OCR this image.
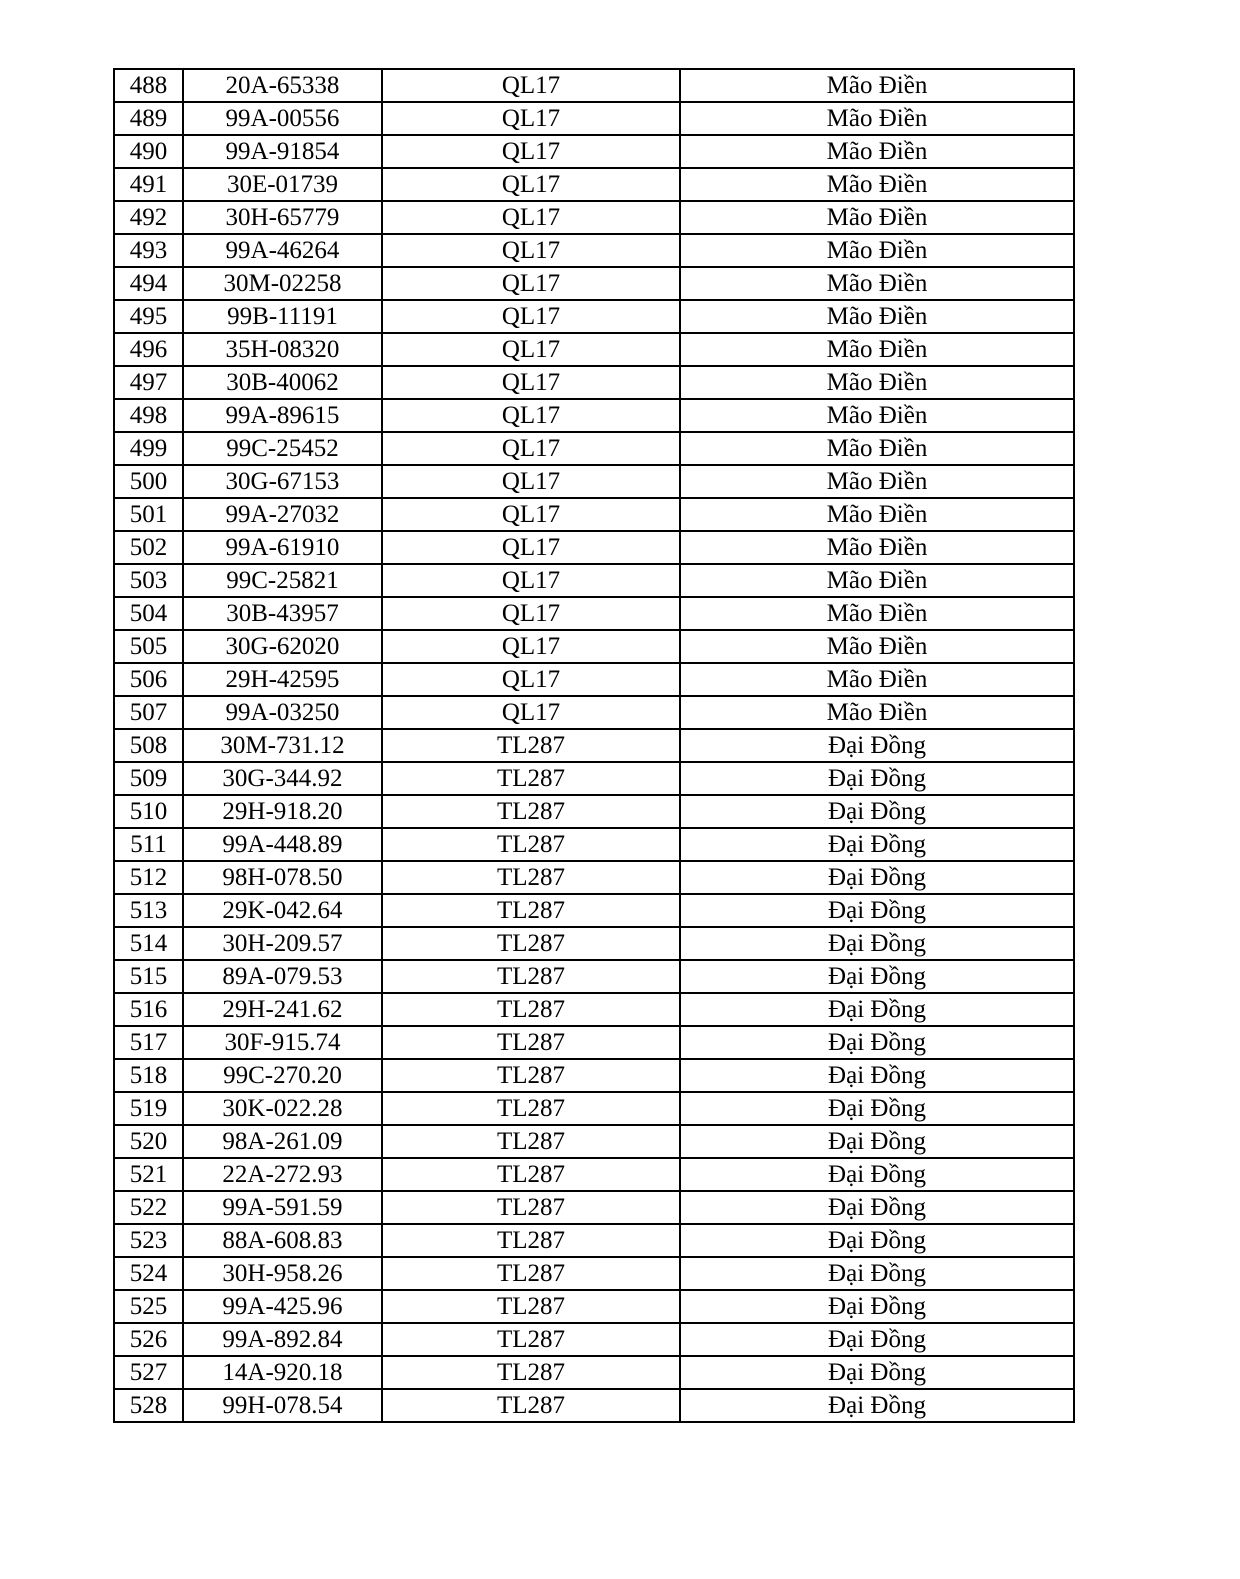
488	20A-65338	QL17	Mão Điền
489	99A-00556	QL17	Mão Điền
490	99A-91854	QL17	Mão Điền
491	30E-01739	QL17	Mão Điền
492	30H-65779	QL17	Mão Điền
493	99A-46264	QL17	Mão Điền
494	30M-02258	QL17	Mão Điền
495	99B-11191	QL17	Mão Điền
496	35H-08320	QL17	Mão Điền
497	30B-40062	QL17	Mão Điền
498	99A-89615	QL17	Mão Điền
499	99C-25452	QL17	Mão Điền
500	30G-67153	QL17	Mão Điền
501	99A-27032	QL17	Mão Điền
502	99A-61910	QL17	Mão Điền
503	99C-25821	QL17	Mão Điền
504	30B-43957	QL17	Mão Điền
505	30G-62020	QL17	Mão Điền
506	29H-42595	QL17	Mão Điền
507	99A-03250	QL17	Mão Điền
508	30M-731.12	TL287	Đại Đồng
509	30G-344.92	TL287	Đại Đồng
510	29H-918.20	TL287	Đại Đồng
511	99A-448.89	TL287	Đại Đồng
512	98H-078.50	TL287	Đại Đồng
513	29K-042.64	TL287	Đại Đồng
514	30H-209.57	TL287	Đại Đồng
515	89A-079.53	TL287	Đại Đồng
516	29H-241.62	TL287	Đại Đồng
517	30F-915.74	TL287	Đại Đồng
518	99C-270.20	TL287	Đại Đồng
519	30K-022.28	TL287	Đại Đồng
520	98A-261.09	TL287	Đại Đồng
521	22A-272.93	TL287	Đại Đồng
522	99A-591.59	TL287	Đại Đồng
523	88A-608.83	TL287	Đại Đồng
524	30H-958.26	TL287	Đại Đồng
525	99A-425.96	TL287	Đại Đồng
526	99A-892.84	TL287	Đại Đồng
527	14A-920.18	TL287	Đại Đồng
528	99H-078.54	TL287	Đại Đồng
